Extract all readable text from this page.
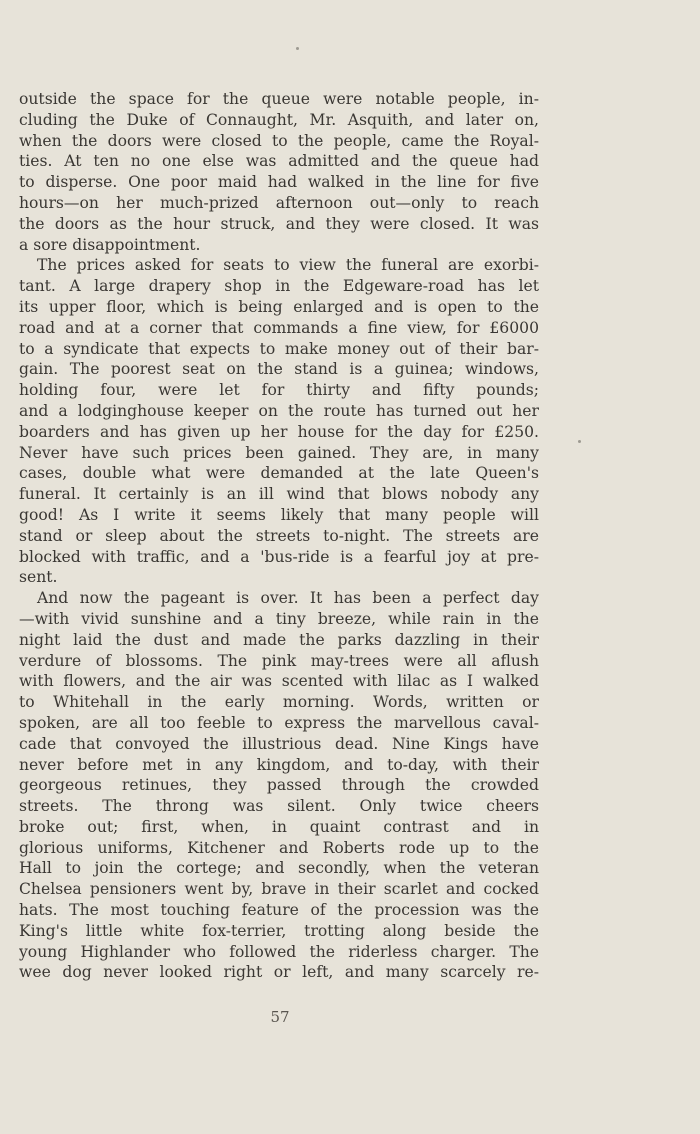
outside the space for the queue were notable people, in-
cluding the Duke of Connaught, Mr. Asquith, and later on,
when the doors were closed to the people, came the Royal-
ties. At ten no one else was admitted and the queue had
to disperse. One poor maid had walked in the line for five
hours—on her much-prized afternoon out—only to reach
the doors as the hour struck, and they were closed. It was
a sore disappointment.
The prices asked for seats to view the funeral are exorbi-
tant. A large drapery shop in the Edgeware-road has let
its upper floor, which is being enlarged and is open to the
road and at a corner that commands a fine view, for £6000
to a syndicate that expects to make money out of their bar-
gain. The poorest seat on the stand is a guinea; windows,
holding four, were let for thirty and fifty pounds;
and a lodginghouse keeper on the route has turned out her
boarders and has given up her house for the day for £250.
Never have such prices been gained. They are, in many
cases, double what were demanded at the late Queen's
funeral. It certainly is an ill wind that blows nobody any
good! As I write it seems likely that many people will
stand or sleep about the streets to-night. The streets are
blocked with traffic, and a 'bus-ride is a fearful joy at pre-
sent.
And now the pageant is over. It has been a perfect day
—with vivid sunshine and a tiny breeze, while rain in the
night laid the dust and made the parks dazzling in their
verdure of blossoms. The pink may-trees were all aflush
with flowers, and the air was scented with lilac as I walked
to Whitehall in the early morning. Words, written or
spoken, are all too feeble to express the marvellous caval-
cade that convoyed the illustrious dead. Nine Kings have
never before met in any kingdom, and to-day, with their
georgeous retinues, they passed through the crowded
streets. The throng was silent. Only twice cheers
broke out; first, when, in quaint contrast and in
glorious uniforms, Kitchener and Roberts rode up to the
Hall to join the cortege; and secondly, when the veteran
Chelsea pensioners went by, brave in their scarlet and cocked
hats. The most touching feature of the procession was the
King's little white fox-terrier, trotting along beside the
young Highlander who followed the riderless charger. The
wee dog never looked right or left, and many scarcely re-
57
